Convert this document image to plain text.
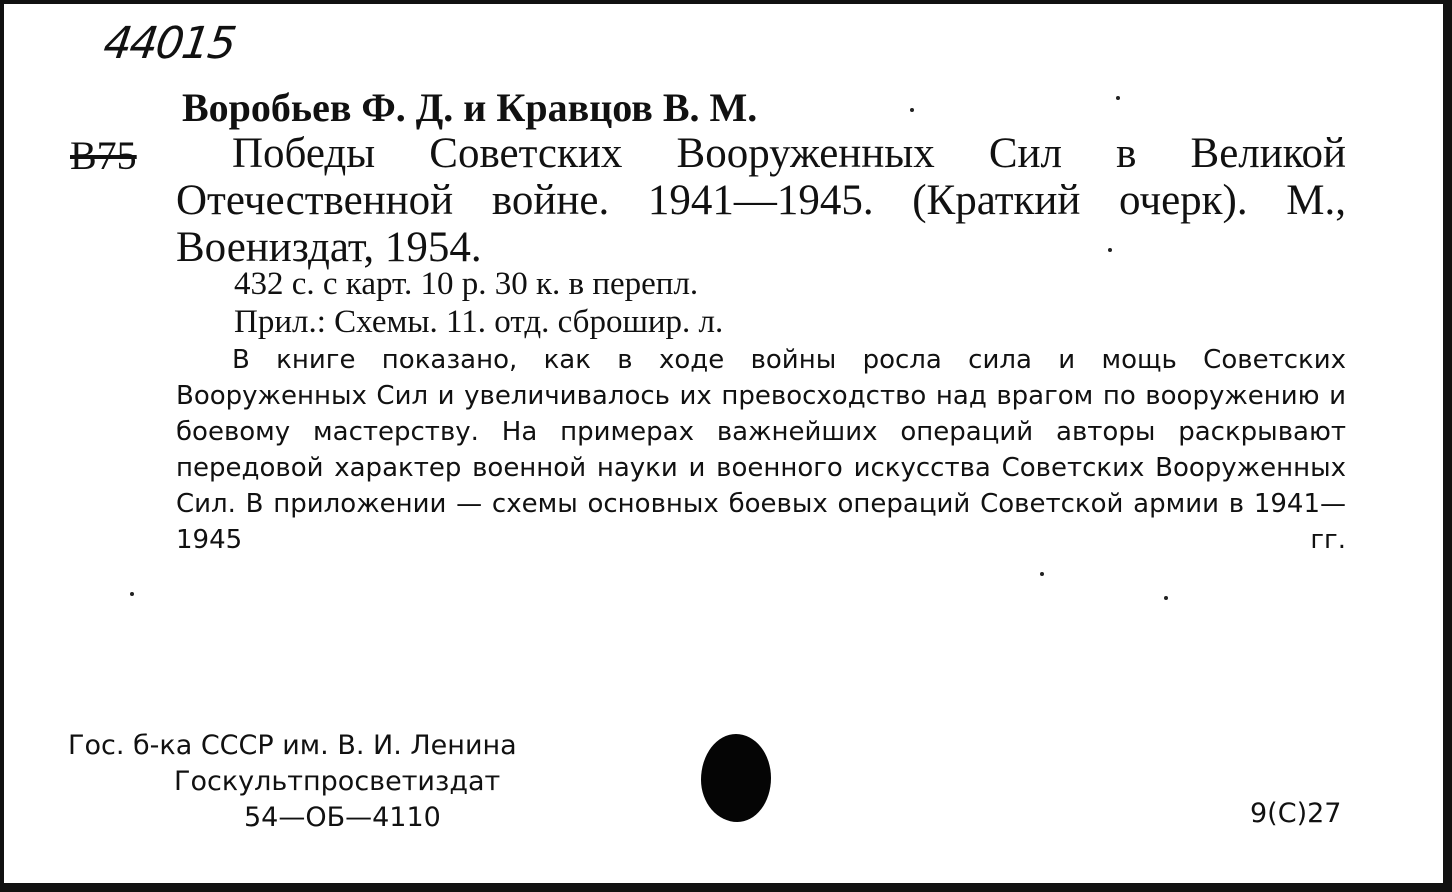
44015
Воробьев Ф. Д. и Кравцов В. М.
В75	Победы Советских Вооруженных Сил в Великой Отечественной войне. 1941—1945. (Краткий очерк). М., Воениздат, 1954.
432 с. с карт. 10 р. 30 к. в перепл.
Прил.: Схемы. 11. отд. сброшир. л.
В книге показано, как в ходе войны росла сила и мощь Советских Вооруженных Сил и увеличивалось их превосходство над врагом по вооружению и боевому мастерству. На примерах важнейших операций авторы раскрывают передовой характер военной науки и военного искусства Советских Вооруженных Сил. В приложении — схемы основных боевых операций Советской армии в 1941—1945 гг.
Гос. б-ка СССР им. В. И. Ленина
Госкультпросветиздат
54—ОБ—4110	9(С)27
